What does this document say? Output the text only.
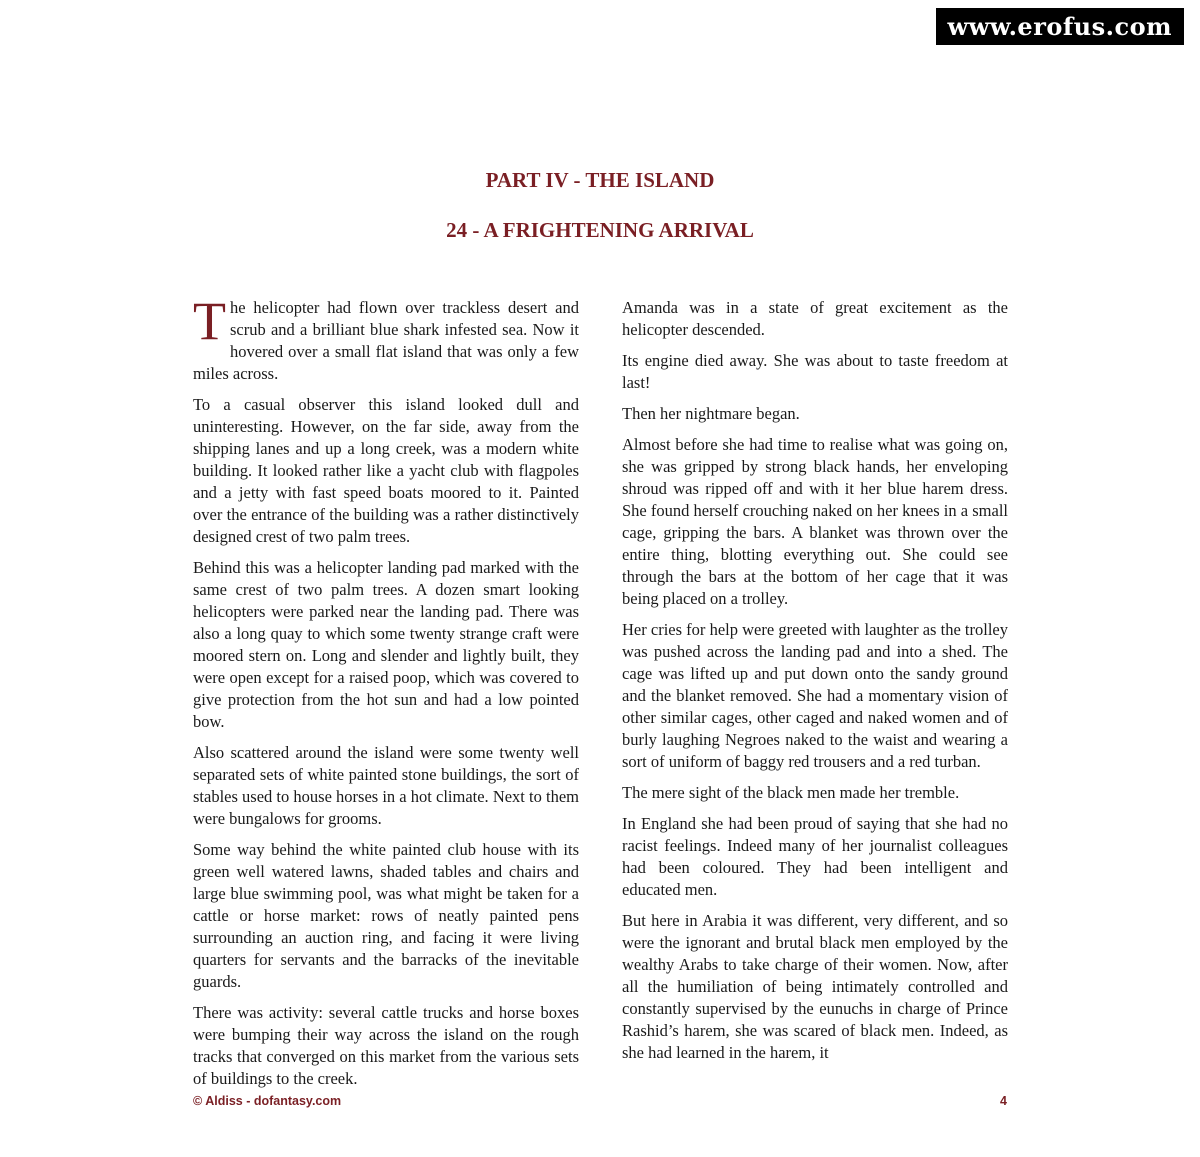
www.erofus.com
PART IV - THE ISLAND
24 - A FRIGHTENING ARRIVAL

The helicopter had flown over trackless desert and scrub and a brilliant blue shark infested sea. Now it hovered over a small flat island that was only a few miles across.

To a casual observer this island looked dull and uninteresting. However, on the far side, away from the shipping lanes and up a long creek, was a modern white building. It looked rather like a yacht club with flagpoles and a jetty with fast speed boats moored to it. Painted over the entrance of the building was a rather distinctively designed crest of two palm trees.

Behind this was a helicopter landing pad marked with the same crest of two palm trees. A dozen smart looking helicopters were parked near the landing pad. There was also a long quay to which some twenty strange craft were moored stern on. Long and slender and lightly built, they were open except for a raised poop, which was covered to give protection from the hot sun and had a low pointed bow.

Also scattered around the island were some twenty well separated sets of white painted stone buildings, the sort of stables used to house horses in a hot climate. Next to them were bungalows for grooms.

Some way behind the white painted club house with its green well watered lawns, shaded tables and chairs and large blue swimming pool, was what might be taken for a cattle or horse market: rows of neatly painted pens surrounding an auction ring, and facing it were living quarters for servants and the barracks of the inevitable guards.

There was activity: several cattle trucks and horse boxes were bumping their way across the island on the rough tracks that converged on this market from the various sets of buildings to the creek.

Amanda was in a state of great excitement as the helicopter descended.

Its engine died away. She was about to taste freedom at last!

Then her nightmare began.

Almost before she had time to realise what was going on, she was gripped by strong black hands, her enveloping shroud was ripped off and with it her blue harem dress. She found herself crouching naked on her knees in a small cage, gripping the bars. A blanket was thrown over the entire thing, blotting everything out. She could see through the bars at the bottom of her cage that it was being placed on a trolley.

Her cries for help were greeted with laughter as the trolley was pushed across the landing pad and into a shed. The cage was lifted up and put down onto the sandy ground and the blanket removed. She had a momentary vision of other similar cages, other caged and naked women and of burly laughing Negroes naked to the waist and wearing a sort of uniform of baggy red trousers and a red turban.

The mere sight of the black men made her tremble.

In England she had been proud of saying that she had no racist feelings. Indeed many of her journalist colleagues had been coloured. They had been intelligent and educated men.

But here in Arabia it was different, very different, and so were the ignorant and brutal black men employed by the wealthy Arabs to take charge of their women. Now, after all the humiliation of being intimately controlled and constantly supervised by the eunuchs in charge of Prince Rashid’s harem, she was scared of black men. Indeed, as she had learned in the harem, it

© Aldiss - dofantasy.com	4
